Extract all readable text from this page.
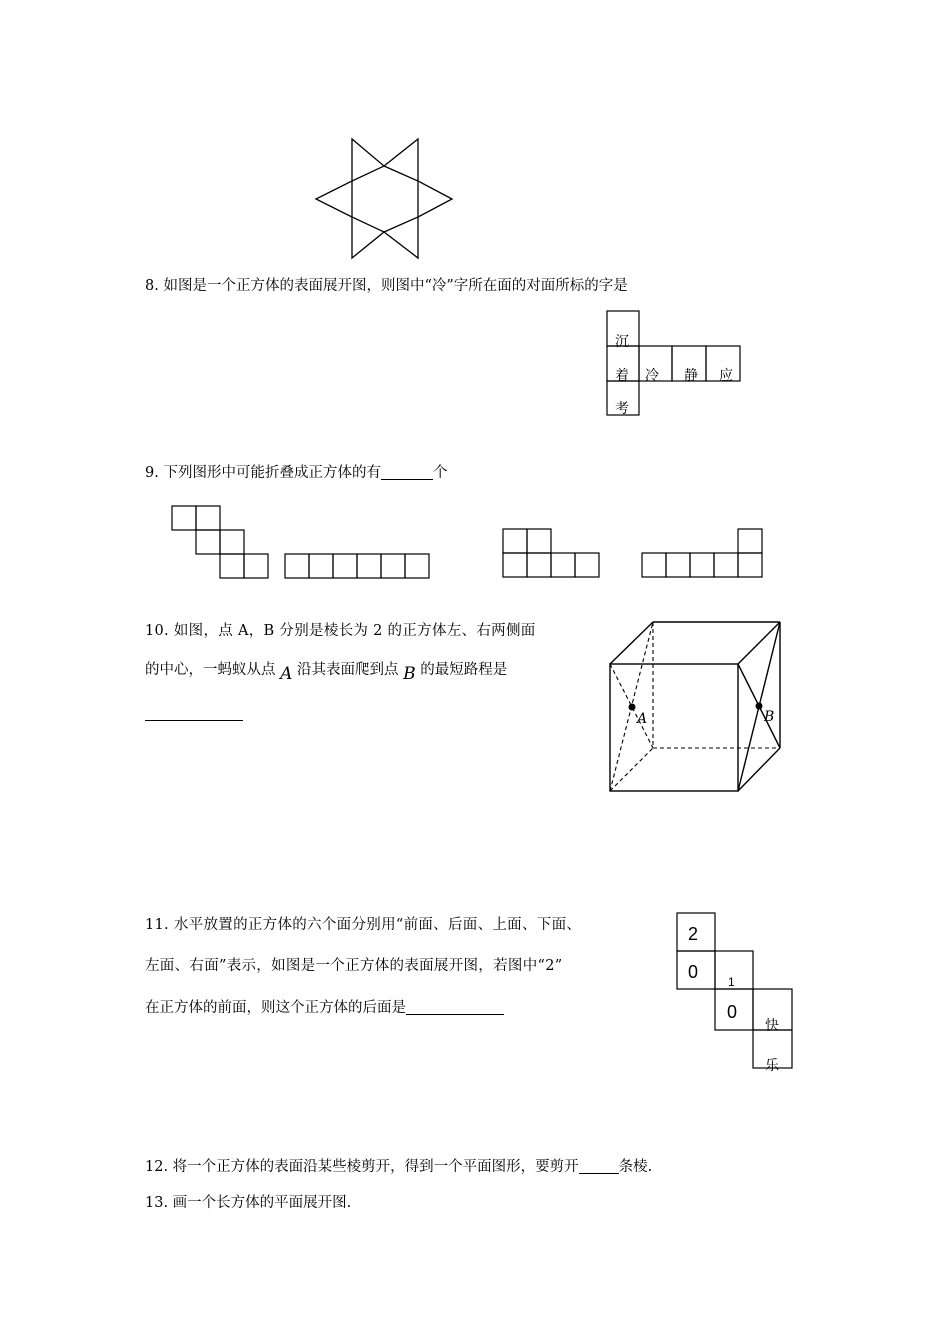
8. 如图是一个正方体的表面展开图，则图中“冷”字所在面的对面所标的字是
沉
着
考
冷 静 应
9. 下列图形中可能折叠成正方体的有	个
10. 如图，点 A，B 分别是棱长为 2 的正方体左、右两侧面
的中心，一蚂蚁从点 A 沿其表面爬到点 B 的最短路程是
A	B
11. 水平放置的正方体的六个面分别用“前面、后面、上面、下面、
左面、右面”表示，如图是一个正方体的表面展开图，若图中“2”
在正方体的前面，则这个正方体的后面是
2
0 1
0
快
乐
12. 将一个正方体的表面沿某些棱剪开，得到一个平面图形，要剪开	条棱.
13. 画一个长方体的平面展开图.
